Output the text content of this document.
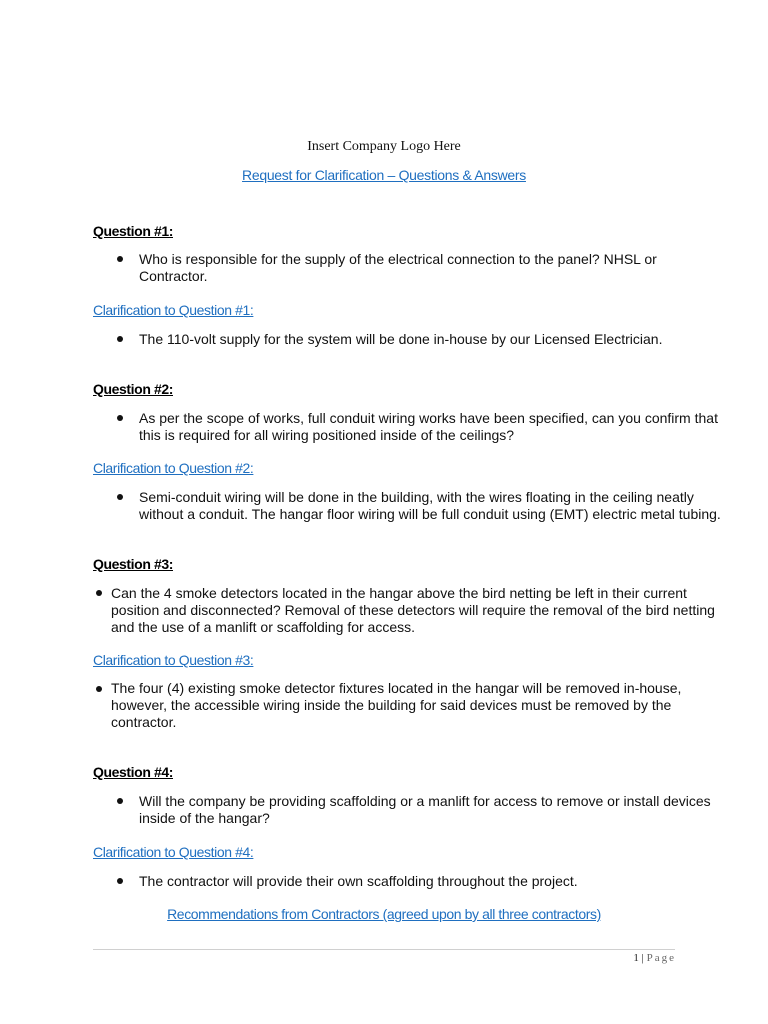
Insert Company Logo Here
Request for Clarification – Questions & Answers
Question #1:
Who is responsible for the supply of the electrical connection to the panel? NHSL or
Contractor.
Clarification to Question #1:
The 110-volt supply for the system will be done in-house by our Licensed Electrician.
Question #2:
As per the scope of works, full conduit wiring works have been specified, can you confirm that
this is required for all wiring positioned inside of the ceilings?
Clarification to Question #2:
Semi-conduit wiring will be done in the building, with the wires floating in the ceiling neatly
without a conduit. The hangar floor wiring will be full conduit using (EMT) electric metal tubing.
Question #3:
Can the 4 smoke detectors located in the hangar above the bird netting be left in their current
position and disconnected? Removal of these detectors will require the removal of the bird netting
and the use of a manlift or scaffolding for access.
Clarification to Question #3:
The four (4) existing smoke detector fixtures located in the hangar will be removed in-house,
however, the accessible wiring inside the building for said devices must be removed by the
contractor.
Question #4:
Will the company be providing scaffolding or a manlift for access to remove or install devices
inside of the hangar?
Clarification to Question #4:
The contractor will provide their own scaffolding throughout the project.
Recommendations from Contractors (agreed upon by all three contractors)
1 | Page
